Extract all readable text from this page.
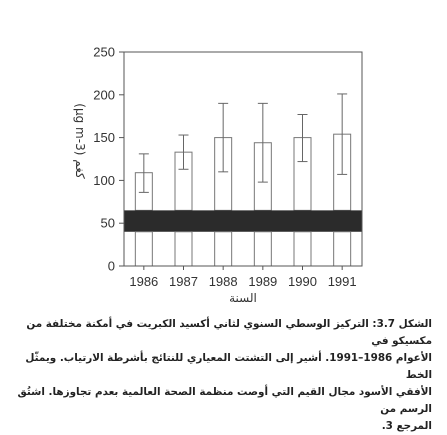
1986 1987 1988 1989 1990 1991
0
50
100
150
200
250
السنة
(µg m-3) كغم
الشكل 3.7: التركيز الوسطي السنوي لثاني أكسيد الكبريت في أمكنة مختلفة من مكسيكو في
الأعوام 1986–1991. أشير إلى التشتت المعياري للنتائج بأشرطة الارتياب. ويمثّل الخط
الأفقي الأسود مجال القيم التي أوصت منظمة الصحة العالمية بعدم تجاوزها. اشتُق الرسم من
المرجع 3.
